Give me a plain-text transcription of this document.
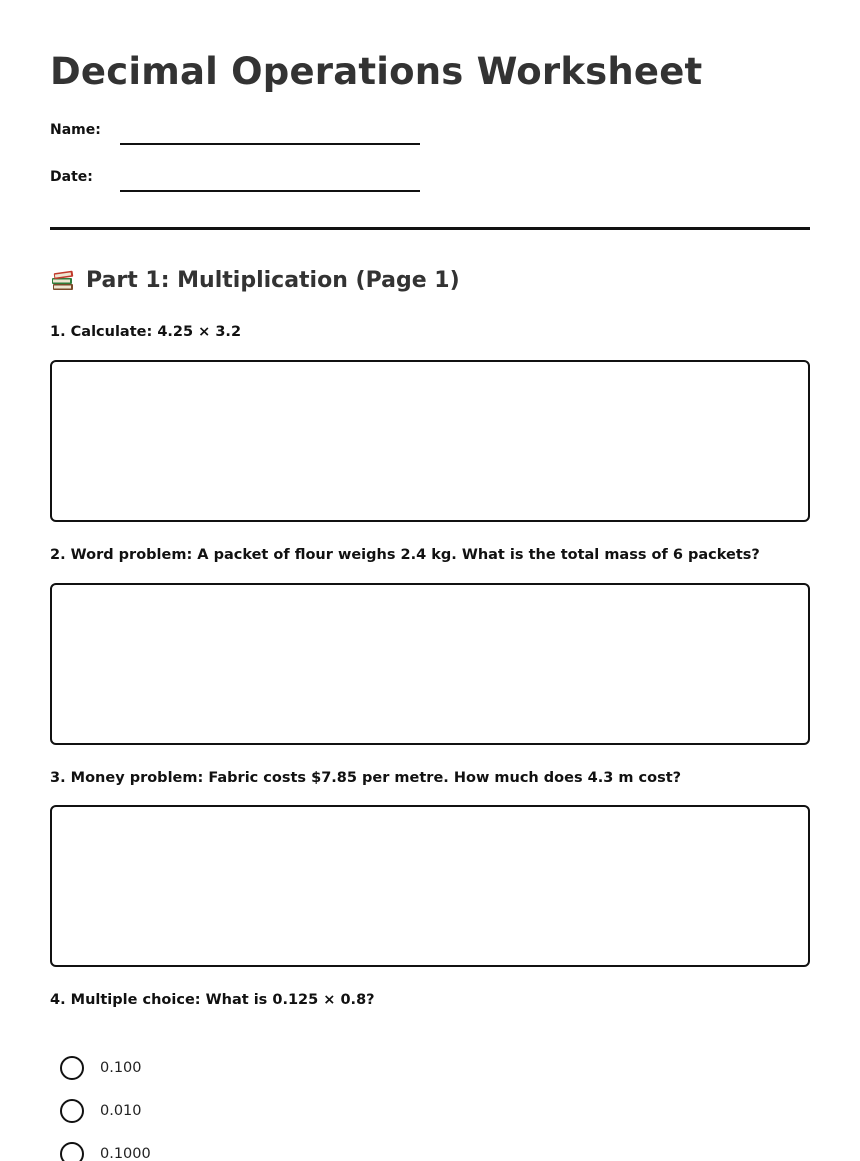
Decimal Operations Worksheet
Name:
Date:
Part 1: Multiplication (Page 1)
1. Calculate: 4.25 × 3.2
2. Word problem: A packet of flour weighs 2.4 kg. What is the total mass of 6 packets?
3. Money problem: Fabric costs $7.85 per metre. How much does 4.3 m cost?
4. Multiple choice: What is 0.125 × 0.8?
0.100
0.010
0.1000
